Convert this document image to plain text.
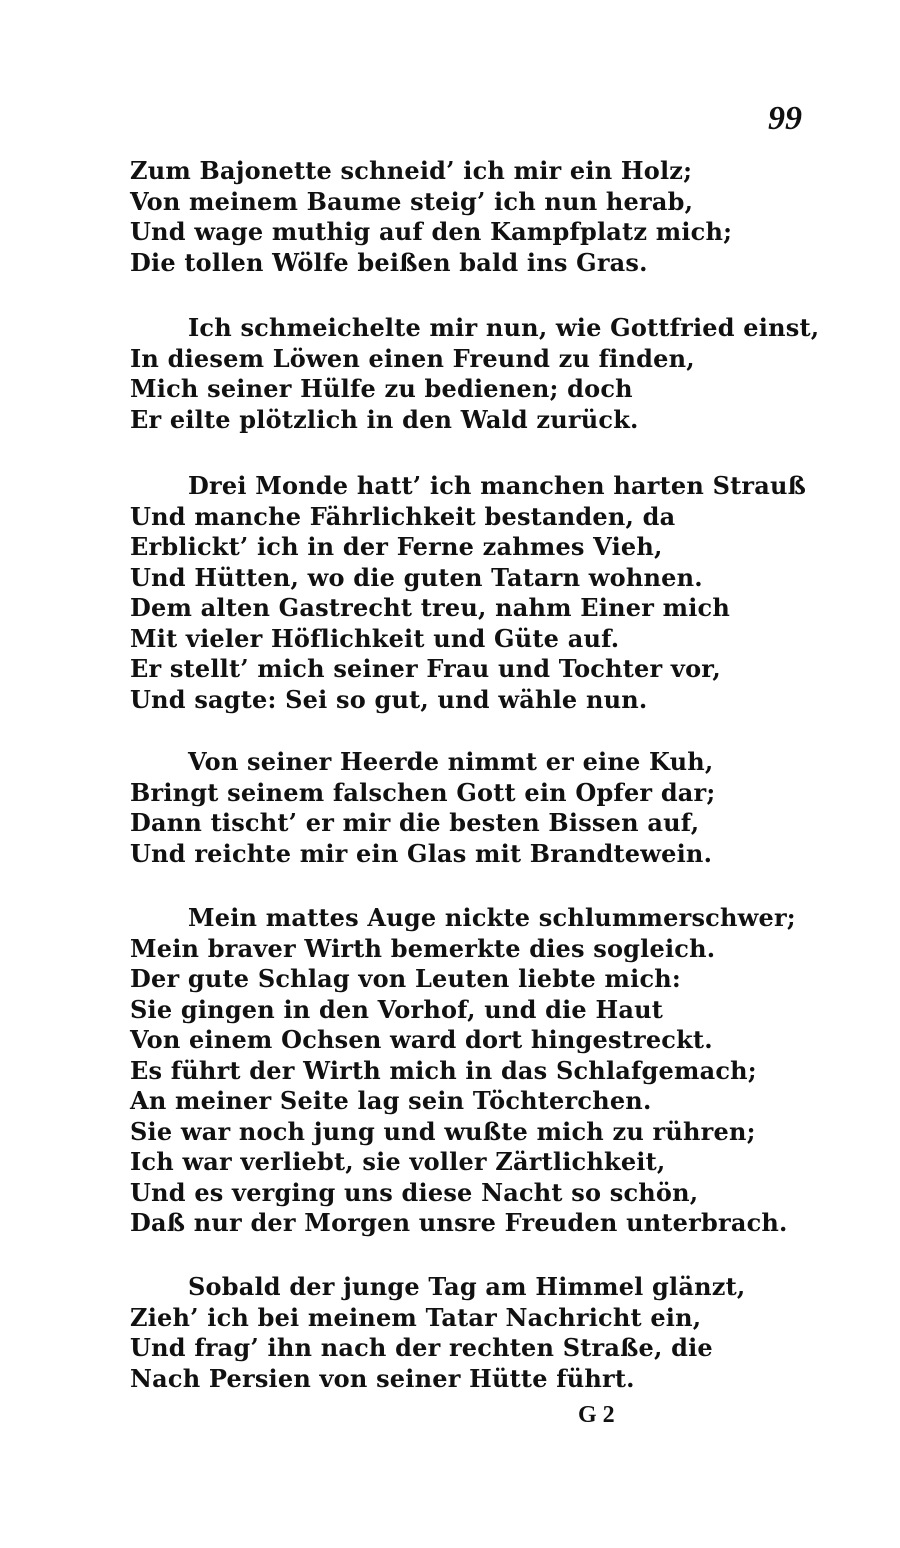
99
Zum Bajonette schneid’ ich mir ein Holz;
Von meinem Baume steig’ ich nun herab,
Und wage muthig auf den Kampfplatz mich;
Die tollen Wölfe beißen bald ins Gras.
Ich schmeichelte mir nun, wie Gottfried einst,
In diesem Löwen einen Freund zu finden,
Mich seiner Hülfe zu bedienen; doch
Er eilte plötzlich in den Wald zurück.
Drei Monde hatt’ ich manchen harten Strauß
Und manche Fährlichkeit bestanden, da
Erblickt’ ich in der Ferne zahmes Vieh,
Und Hütten, wo die guten Tatarn wohnen.
Dem alten Gastrecht treu, nahm Einer mich
Mit vieler Höflichkeit und Güte auf.
Er stellt’ mich seiner Frau und Tochter vor,
Und sagte: Sei so gut, und wähle nun.
Von seiner Heerde nimmt er eine Kuh,
Bringt seinem falschen Gott ein Opfer dar;
Dann tischt’ er mir die besten Bissen auf,
Und reichte mir ein Glas mit Brandtewein.
Mein mattes Auge nickte schlummerschwer;
Mein braver Wirth bemerkte dies sogleich.
Der gute Schlag von Leuten liebte mich:
Sie gingen in den Vorhof, und die Haut
Von einem Ochsen ward dort hingestreckt.
Es führt der Wirth mich in das Schlafgemach;
An meiner Seite lag sein Töchterchen.
Sie war noch jung und wußte mich zu rühren;
Ich war verliebt, sie voller Zärtlichkeit,
Und es verging uns diese Nacht so schön,
Daß nur der Morgen unsre Freuden unterbrach.
Sobald der junge Tag am Himmel glänzt,
Zieh’ ich bei meinem Tatar Nachricht ein,
Und frag’ ihn nach der rechten Straße, die
Nach Persien von seiner Hütte führt.
G 2
